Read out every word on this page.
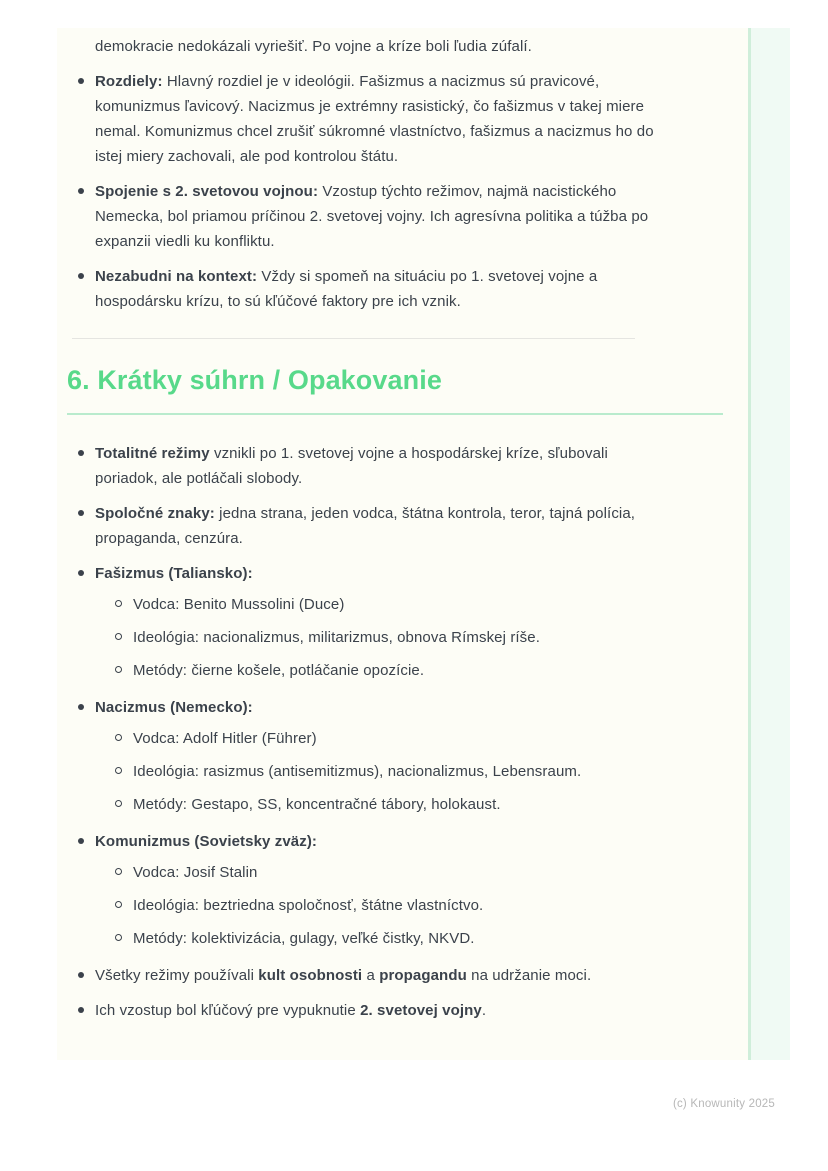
demokracie nedokázali vyriešiť. Po vojne a kríze boli ľudia zúfalí.

Rozdiely: Hlavný rozdiel je v ideológii. Fašizmus a nacizmus sú pravicové, komunizmus ľavicový. Nacizmus je extrémny rasistický, čo fašizmus v takej miere nemal. Komunizmus chcel zrušiť súkromné vlastníctvo, fašizmus a nacizmus ho do istej miery zachovali, ale pod kontrolou štátu.
Spojenie s 2. svetovou vojnou: Vzostup týchto režimov, najmä nacistického Nemecka, bol priamou príčinou 2. svetovej vojny. Ich agresívna politika a túžba po expanzii viedli ku konfliktu.
Nezabudni na kontext: Vždy si spomeň na situáciu po 1. svetovej vojne a hospodársku krízu, to sú kľúčové faktory pre ich vznik.
6. Krátky súhrn / Opakovanie
Totalitné režimy vznikli po 1. svetovej vojne a hospodárskej kríze, sľubovali poriadok, ale potláčali slobody.
Spoločné znaky: jedna strana, jeden vodca, štátna kontrola, teror, tajná polícia, propaganda, cenzúra.
Fašizmus (Taliansko):
Vodca: Benito Mussolini (Duce)
Ideológia: nacionalizmus, militarizmus, obnova Rímskej ríše.
Metódy: čierne košele, potláčanie opozície.
Nacizmus (Nemecko):
Vodca: Adolf Hitler (Führer)
Ideológia: rasizmus (antisemitizmus), nacionalizmus, Lebensraum.
Metódy: Gestapo, SS, koncentračné tábory, holokaust.
Komunizmus (Sovietsky zväz):
Vodca: Josif Stalin
Ideológia: beztriedna spoločnosť, štátne vlastníctvo.
Metódy: kolektivizácia, gulagy, veľké čistky, NKVD.
Všetky režimy používali kult osobnosti a propagandu na udržanie moci.
Ich vzostup bol kľúčový pre vypuknutie 2. svetovej vojny.
(c) Knowunity 2025
